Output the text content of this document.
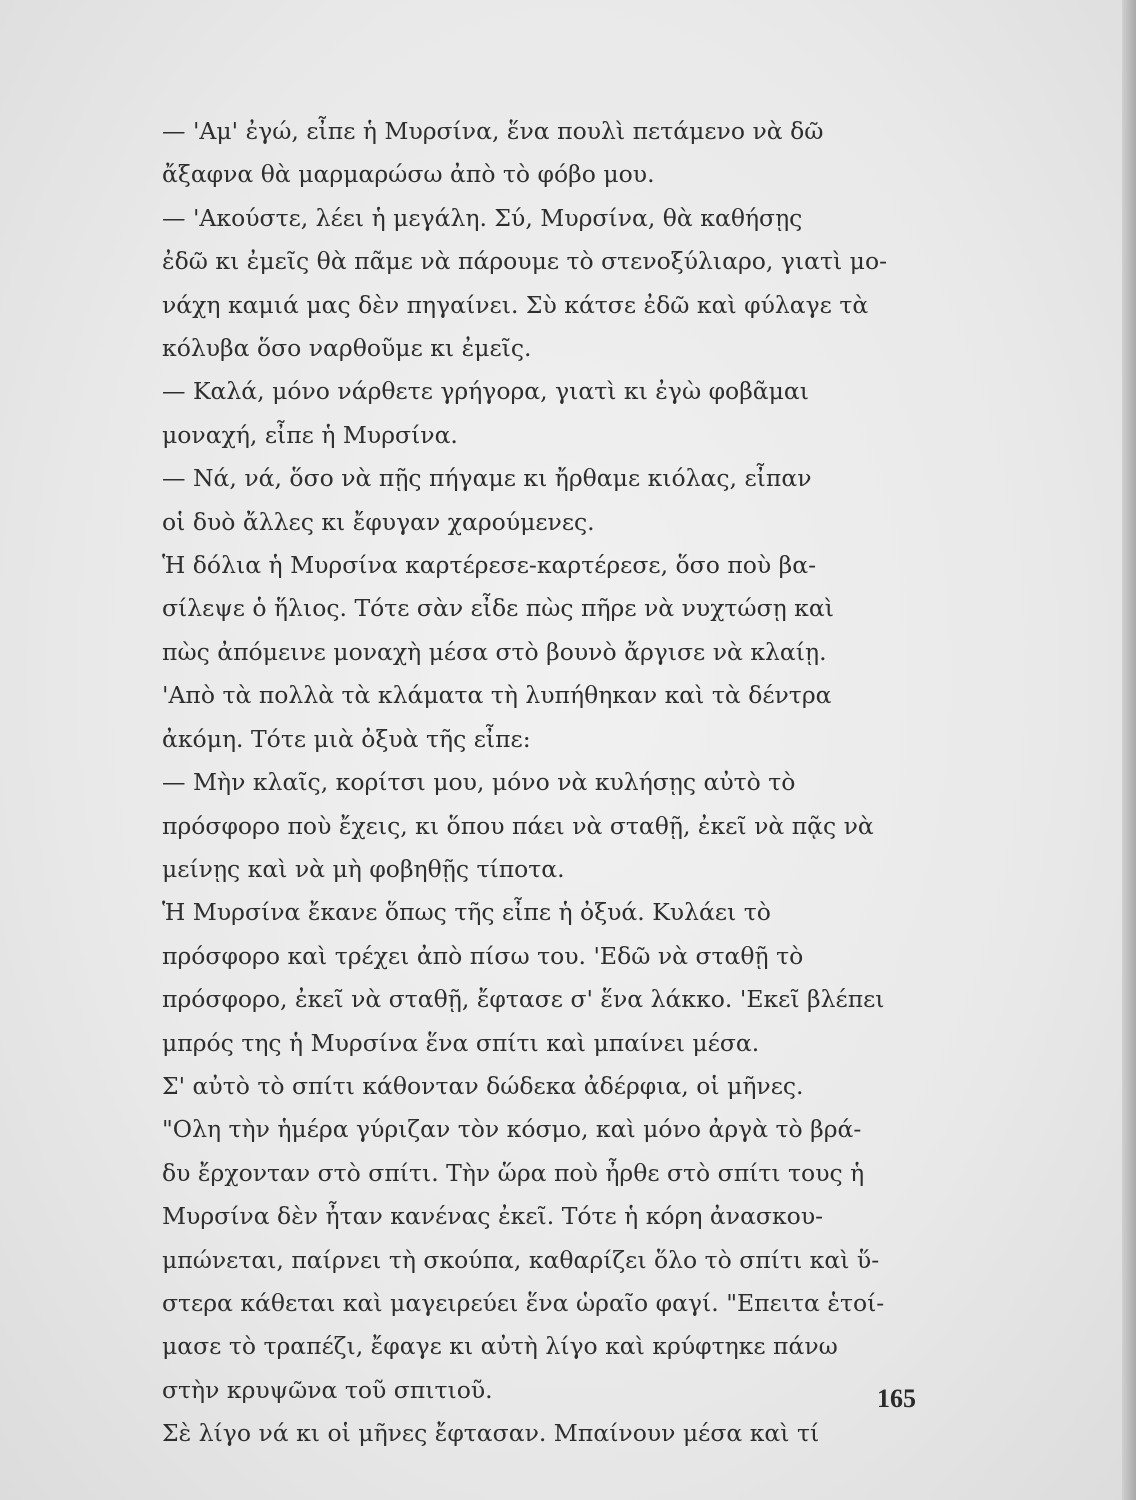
— 'Αμ' ἐγώ, εἶπε ἡ Μυρσίνα, ἕνα πουλὶ πετάμενο νὰ δῶ
ἄξαφνα θὰ μαρμαρώσω ἀπὸ τὸ φόβο μου.

— 'Ακούστε, λέει ἡ μεγάλη. Σύ, Μυρσίνα, θὰ καθήσῃς
ἐδῶ κι ἐμεῖς θὰ πᾶμε νὰ πάρουμε τὸ στενοξύλιαρο, γιατὶ μο-
νάχη καμιά μας δὲν πηγαίνει. Σὺ κάτσε ἐδῶ καὶ φύλαγε τὰ
κόλυβα ὅσο ναρθοῦμε κι ἐμεῖς.

— Καλά, μόνο νάρθετε γρήγορα, γιατὶ κι ἐγὼ φοβᾶμαι
μοναχή, εἶπε ἡ Μυρσίνα.

— Νά, νά, ὅσο νὰ πῇς πήγαμε κι ἤρθαμε κιόλας, εἶπαν
οἱ δυὸ ἄλλες κι ἔφυγαν χαρούμενες.

Ἡ δόλια ἡ Μυρσίνα καρτέρεσε-καρτέρεσε, ὅσο ποὺ βα-
σίλεψε ὁ ἥλιος. Τότε σὰν εἶδε πὼς πῆρε νὰ νυχτώσῃ καὶ
πὼς ἀπόμεινε μοναχὴ μέσα στὸ βουνὸ ἄργισε νὰ κλαίῃ.
'Απὸ τὰ πολλὰ τὰ κλάματα τὴ λυπήθηκαν καὶ τὰ δέντρα
ἀκόμη. Τότε μιὰ ὀξυὰ τῆς εἶπε:

— Μὴν κλαῖς, κορίτσι μου, μόνο νὰ κυλήσῃς αὐτὸ τὸ
πρόσφορο ποὺ ἔχεις, κι ὅπου πάει νὰ σταθῇ, ἐκεῖ νὰ πᾷς νὰ
μείνῃς καὶ νὰ μὴ φοβηθῇς τίποτα.

Ἡ Μυρσίνα ἔκανε ὅπως τῆς εἶπε ἡ ὀξυά. Κυλάει τὸ
πρόσφορο καὶ τρέχει ἀπὸ πίσω του. 'Εδῶ νὰ σταθῇ τὸ
πρόσφορο, ἐκεῖ νὰ σταθῇ, ἔφτασε σ' ἕνα λάκκο. 'Εκεῖ βλέπει
μπρός της ἡ Μυρσίνα ἕνα σπίτι καὶ μπαίνει μέσα.

Σ' αὐτὸ τὸ σπίτι κάθονταν δώδεκα ἀδέρφια, οἱ μῆνες.
"Ολη τὴν ἡμέρα γύριζαν τὸν κόσμο, καὶ μόνο ἀργὰ τὸ βρά-
δυ ἔρχονταν στὸ σπίτι. Τὴν ὥρα ποὺ ἦρθε στὸ σπίτι τους ἡ
Μυρσίνα δὲν ἦταν κανένας ἐκεῖ. Τότε ἡ κόρη ἀνασκου-
μπώνεται, παίρνει τὴ σκούπα, καθαρίζει ὅλο τὸ σπίτι καὶ ὕ-
στερα κάθεται καὶ μαγειρεύει ἕνα ὡραῖο φαγί. "Επειτα ἑτοί-
μασε τὸ τραπέζι, ἔφαγε κι αὐτὴ λίγο καὶ κρύφτηκε πάνω
στὴν κρυψῶνα τοῦ σπιτιοῦ.

Σὲ λίγο νά κι οἱ μῆνες ἔφτασαν. Μπαίνουν μέσα καὶ τί

165
